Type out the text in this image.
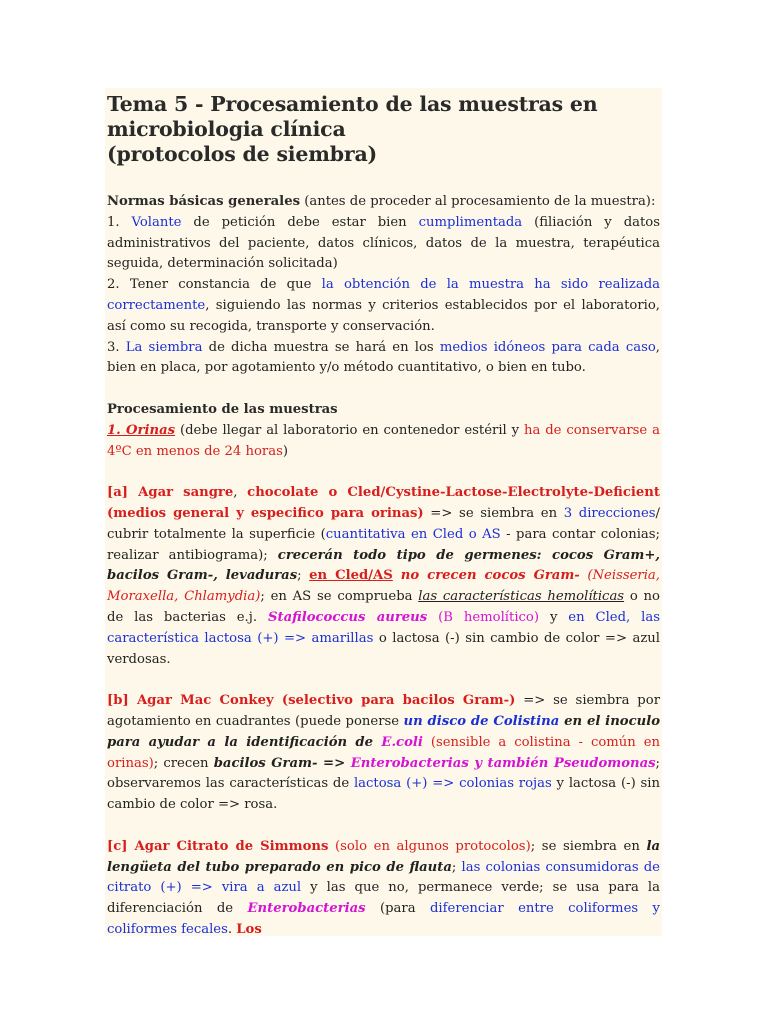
Tema 5 - Procesamiento de las muestras en
microbiologia clínica
(protocolos de siembra)

Normas básicas generales (antes de proceder al procesamiento de la muestra):

1. Volante de petición debe estar bien cumplimentada (filiación y datos administrativos del paciente, datos clínicos, datos de la muestra, terapéutica seguida, determinación solicitada)

2. Tener constancia de que la obtención de la muestra ha sido realizada correctamente, siguiendo las normas y criterios establecidos por el laboratorio, así como su recogida, transporte y conservación.

3. La siembra de dicha muestra se hará en los medios idóneos para cada caso, bien en placa, por agotamiento y/o método cuantitativo, o bien en tubo.

Procesamiento de las muestras

1. Orinas (debe llegar al laboratorio en contenedor estéril y ha de conservarse a 4ºC en menos de 24 horas)

[a] Agar sangre, chocolate o Cled/Cystine-Lactose-Electrolyte-Deficient (medios general y especifico para orinas) => se siembra en 3 direcciones/ cubrir totalmente la superficie (cuantitativa en Cled o AS - para contar colonias; realizar antibiograma); crecerán todo tipo de germenes: cocos Gram+, bacilos Gram-, levaduras; en Cled/AS no crecen cocos Gram- (Neisseria, Moraxella, Chlamydia); en AS se comprueba las características hemolíticas o no de las bacterias e.j. Stafilococcus aureus (B hemolítico) y en Cled, las característica lactosa (+) => amarillas o lactosa (-) sin cambio de color => azul verdosas.

[b] Agar Mac Conkey (selectivo para bacilos Gram-) => se siembra por agotamiento en cuadrantes (puede ponerse un disco de Colistina en el inoculo para ayudar a la identificación de E.coli (sensible a colistina - común en orinas); crecen bacilos Gram- => Enterobacterias y también Pseudomonas; observaremos las características de lactosa (+) => colonias rojas y lactosa (-) sin cambio de color => rosa.

[c] Agar Citrato de Simmons (solo en algunos protocolos); se siembra en la lengüeta del tubo preparado en pico de flauta; las colonias consumidoras de citrato (+) => vira a azul y las que no, permanece verde; se usa para la diferenciación de Enterobacterias (para diferenciar entre coliformes y coliformes fecales. Los
